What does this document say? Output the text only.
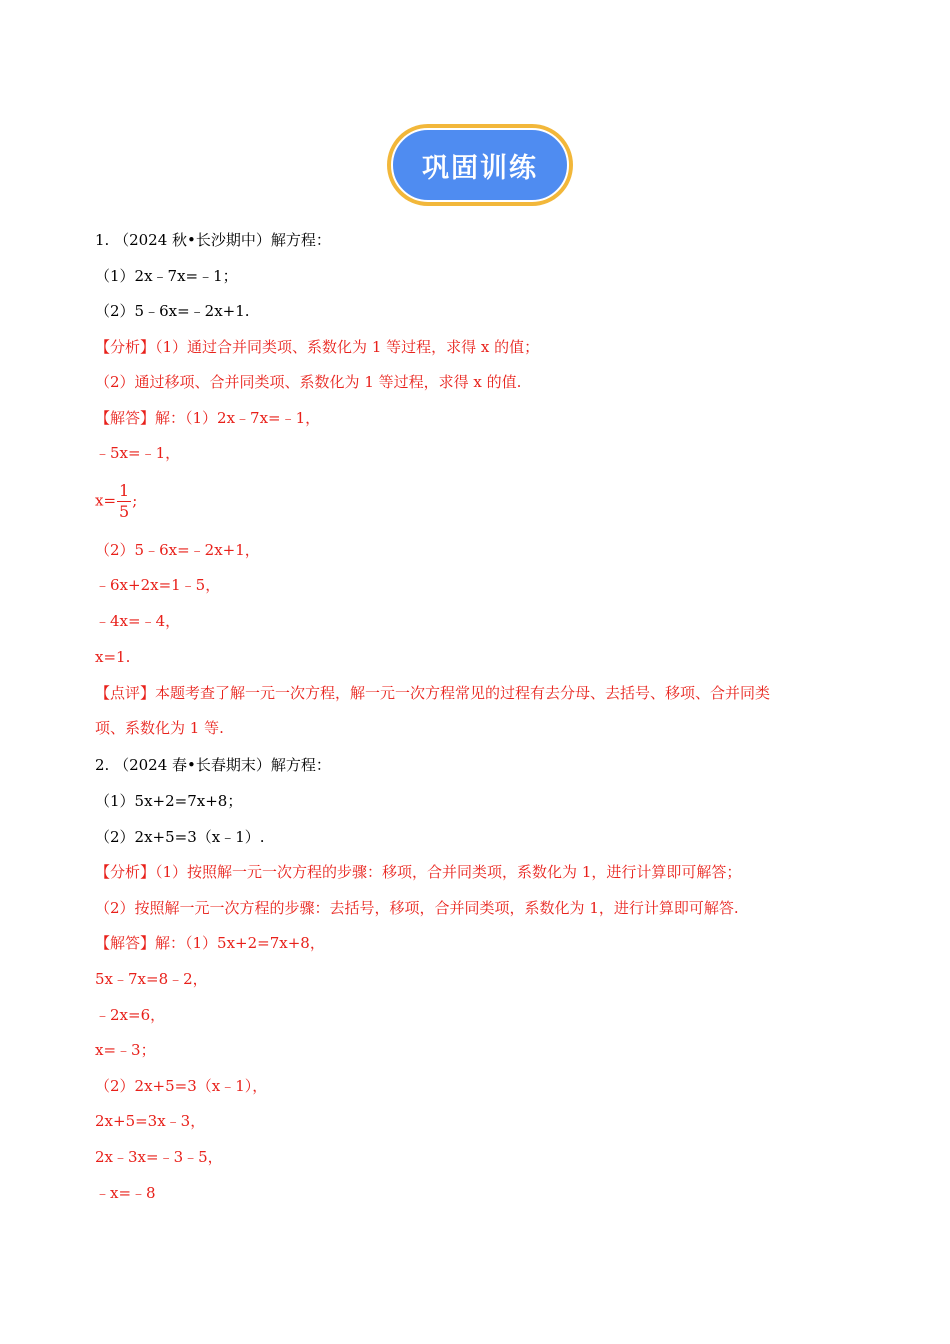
巩固训练
1. （2024 秋•长沙期中）解方程：
（1）2x﹣7x=﹣1；
（2）5﹣6x=﹣2x+1.
【分析】（1）通过合并同类项、系数化为 1 等过程，求得 x 的值；
（2）通过移项、合并同类项、系数化为 1 等过程，求得 x 的值.
【解答】解：（1）2x﹣7x=﹣1，
﹣5x=﹣1，
$x= \frac{1}{5}$ ;
（2）5﹣6x=﹣2x+1，
﹣6x+2x=1﹣5，
﹣4x=﹣4，
x=1.
【点评】本题考查了解一元一次方程，解一元一次方程常见的过程有去分母、去括号、移项、合并同类
项、系数化为 1 等.
2. （2024 春•长春期末）解方程：
（1）5x+2=7x+8；
（2）2x+5=3（x﹣1）.
【分析】（1）按照解一元一次方程的步骤：移项，合并同类项，系数化为 1，进行计算即可解答；
（2）按照解一元一次方程的步骤：去括号，移项，合并同类项，系数化为 1，进行计算即可解答.
【解答】解：（1）5x+2=7x+8，
5x﹣7x=8﹣2，
﹣2x=6，
x=﹣3；
（2）2x+5=3（x﹣1），
2x+5=3x﹣3，
2x﹣3x=﹣3﹣5，
﹣x=﹣8
